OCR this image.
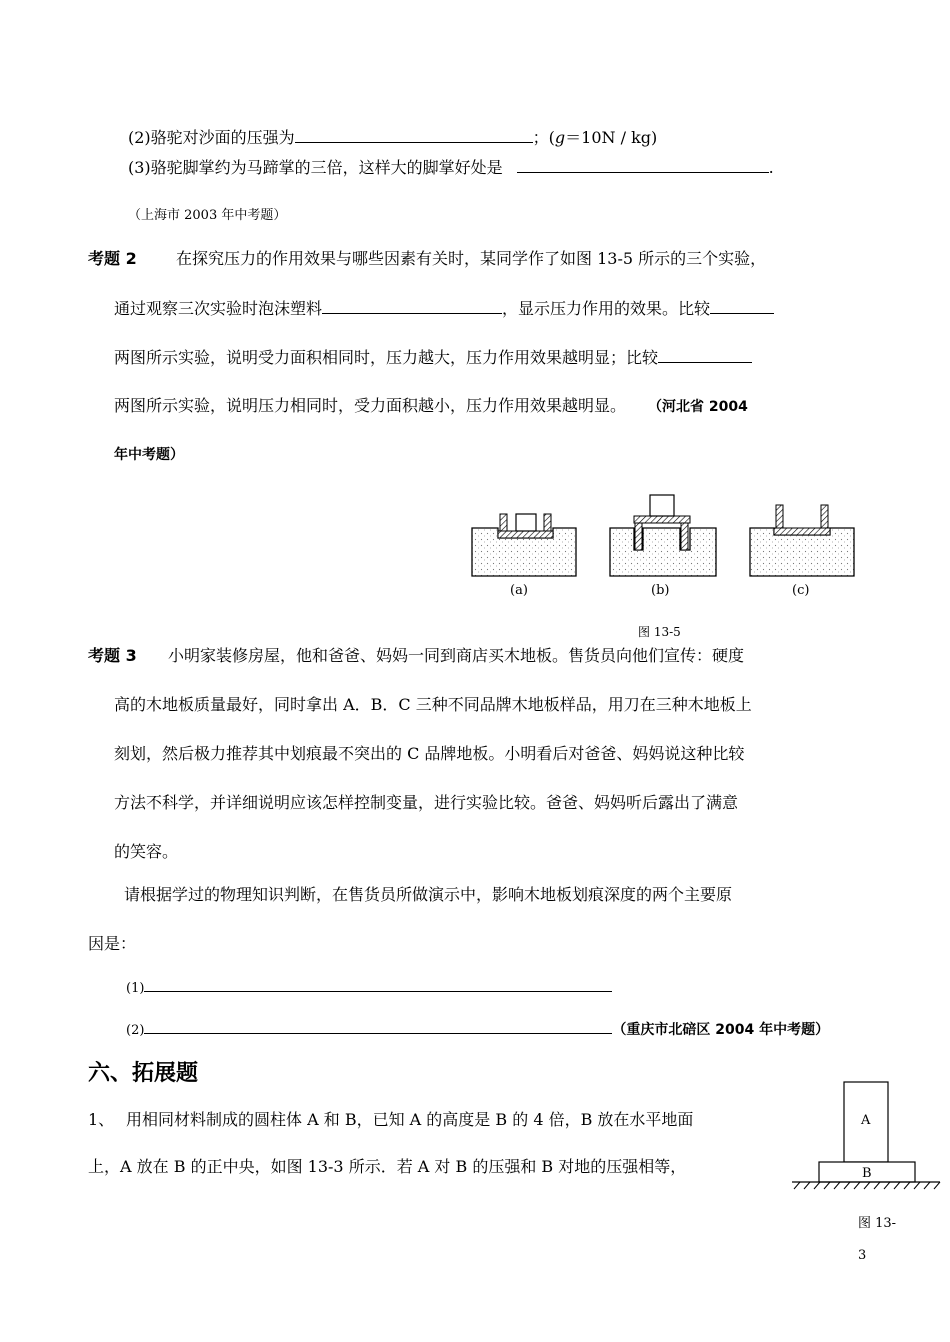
(2)骆驼对沙面的压强为	；(g＝10N / kg)
(3)骆驼脚掌约为马蹄掌的三倍，这样大的脚掌好处是	.
（上海市 2003 年中考题）
考题 2 在探究压力的作用效果与哪些因素有关时，某同学作了如图 13-5 所示的三个实验，
通过观察三次实验时泡沫塑料	，显示压力作用的效果。比较
两图所示实验，说明受力面积相同时，压力越大，压力作用效果越明显；比较
两图所示实验，说明压力相同时，受力面积越小，压力作用效果越明显。 （河北省 2004
年中考题）
(a)	(b)	(c)
图 13-5
考题 3 小明家装修房屋，他和爸爸、妈妈一同到商店买木地板。售货员向他们宣传：硬度
高的木地板质量最好，同时拿出 A．B．C 三种不同品牌木地板样品，用刀在三种木地板上
刻划，然后极力推荐其中划痕最不突出的 C 品牌地板。小明看后对爸爸、妈妈说这种比较
方法不科学，并详细说明应该怎样控制变量，进行实验比较。爸爸、妈妈听后露出了满意
的笑容。
请根据学过的物理知识判断，在售货员所做演示中，影响木地板划痕深度的两个主要原
因是：
(1)
(2)	（重庆市北碚区 2004 年中考题）
六、拓展题
1、 用相同材料制成的圆柱体 A 和 B，已知 A 的高度是 B 的 4 倍，B 放在水平地面
上，A 放在 B 的正中央，如图 13-3 所示．若 A 对 B 的压强和 B 对地的压强相等，
A
B
图 13-
3
